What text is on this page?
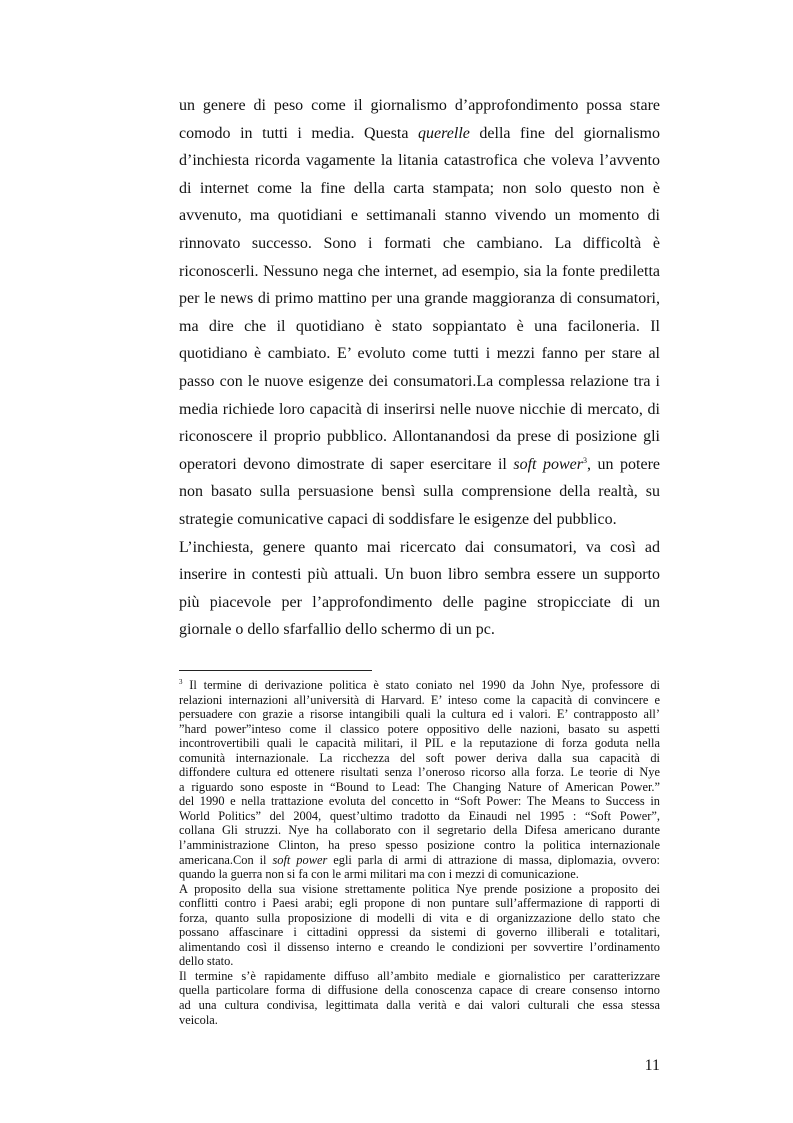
un genere di peso come il giornalismo d’approfondimento possa stare
comodo in tutti i media. Questa querelle della fine del giornalismo
d’inchiesta ricorda vagamente la litania catastrofica che voleva l’avvento
di internet come la fine della carta stampata; non solo questo non è
avvenuto, ma quotidiani e settimanali stanno vivendo un momento di
rinnovato successo. Sono i formati che cambiano. La difficoltà è
riconoscerli. Nessuno nega che internet, ad esempio, sia la fonte prediletta
per le news di primo mattino per una grande maggioranza di consumatori,
ma dire che il quotidiano è stato soppiantato è una faciloneria. Il
quotidiano è cambiato. E’ evoluto come tutti i mezzi fanno per stare al
passo con le nuove esigenze dei consumatori.La complessa relazione tra i
media richiede loro capacità di inserirsi nelle nuove nicchie di mercato, di
riconoscere il proprio pubblico. Allontanandosi da prese di posizione gli
operatori devono dimostrate di saper esercitare il soft power$^3$, un potere
non basato sulla persuasione bensì sulla comprensione della realtà, su
strategie comunicative capaci di soddisfare le esigenze del pubblico.
L’inchiesta, genere quanto mai ricercato dai consumatori, va così ad
inserire in contesti più attuali. Un buon libro sembra essere un supporto
più piacevole per l’approfondimento delle pagine stropicciate di un
giornale o dello sfarfallio dello schermo di un pc.
$^3$ Il termine di derivazione politica è stato coniato nel 1990 da John Nye, professore di
relazioni internazioni all’università di Harvard. E’ inteso come la capacità di convincere e
persuadere con grazie a risorse intangibili quali la cultura ed i valori. E’ contrapposto all’
”hard power”inteso come il classico potere oppositivo delle nazioni, basato su aspetti
incontrovertibili quali le capacità militari, il PIL e la reputazione di forza goduta nella
comunità internazionale. La ricchezza del soft power deriva dalla sua capacità di
diffondere cultura ed ottenere risultati senza l’oneroso ricorso alla forza. Le teorie di Nye
a riguardo sono esposte in “Bound to Lead: The Changing Nature of American Power.”
del 1990 e nella trattazione evoluta del concetto in “Soft Power: The Means to Success in
World Politics” del 2004, quest’ultimo tradotto da Einaudi nel 1995 : “Soft Power”,
collana Gli struzzi. Nye ha collaborato con il segretario della Difesa americano durante
l’amministrazione Clinton, ha preso spesso posizione contro la politica internazionale
americana.Con il soft power egli parla di armi di attrazione di massa, diplomazia, ovvero:
quando la guerra non si fa con le armi militari ma con i mezzi di comunicazione.
A proposito della sua visione strettamente politica Nye prende posizione a proposito dei
conflitti contro i Paesi arabi; egli propone di non puntare sull’affermazione di rapporti di
forza, quanto sulla proposizione di modelli di vita e di organizzazione dello stato che
possano affascinare i cittadini oppressi da sistemi di governo illiberali e totalitari,
alimentando così il dissenso interno e creando le condizioni per sovvertire l’ordinamento
dello stato.
Il termine s’è rapidamente diffuso all’ambito mediale e giornalistico per caratterizzare
quella particolare forma di diffusione della conoscenza capace di creare consenso intorno
ad una cultura condivisa, legittimata dalla verità e dai valori culturali che essa stessa
veicola.
11
